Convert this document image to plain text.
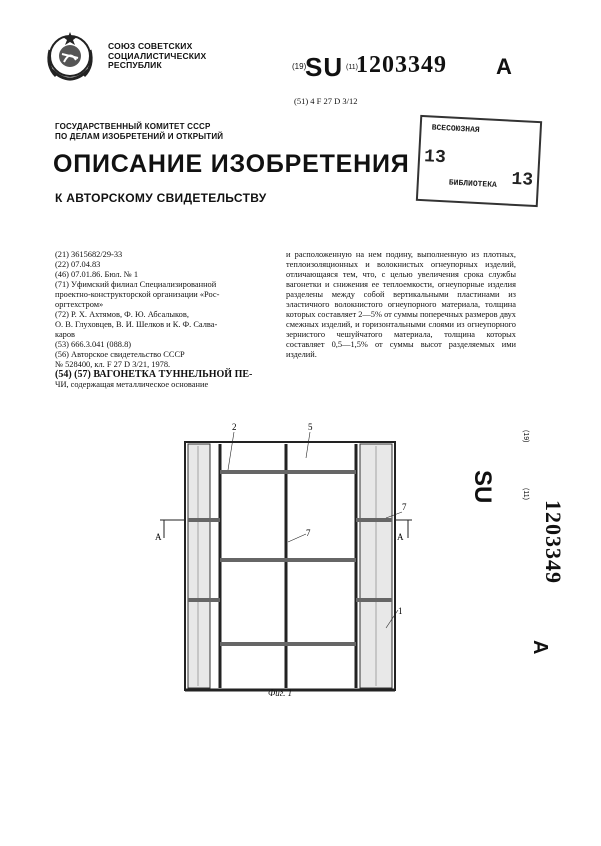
СОЮЗ СОВЕТСКИХ
СОЦИАЛИСТИЧЕСКИХ
РЕСПУБЛИК	(19)
SU (11)
1203349 A
(51) 4 F 27 D 3/12
ГОСУДАРСТВЕННЫЙ КОМИТЕТ СССР
ПО ДЕЛАМ ИЗОБРЕТЕНИЙ И ОТКРЫТИЙ
ОПИСАНИЕ ИЗОБРЕТЕНИЯ
К АВТОРСКОМУ СВИДЕТЕЛЬСТВУ
ВСЕСОЮЗНАЯ
13
13
БИБЛИОТЕКА
(21) 3615682/29-33
(22) 07.04.83
(46) 07.01.86. Бюл. № 1
(71) Уфимский филиал Специализированной
проектно-конструкторской организации «Рос-
оргтехстром»
(72) Р. Х. Ахтямов, Ф. Ю. Абсалыков,
О. В. Глуховцев, В. И. Шелков и К. Ф. Салва-
каров
(53) 666.3.041 (088.8)
(56) Авторское свидетельство СССР
№ 528400, кл. F 27 D 3/21, 1978.
(54) (57) ВАГОНЕТКА ТУННЕЛЬНОЙ ПЕ-
ЧИ, содержащая металлическое основание
и расположенную на нем подину, выполненную из плотных, теплоизоляционных и волокнистых огнеупорных изделий, отличающаяся тем, что, с целью увеличения срока службы вагонетки и снижения ее теплоемкости, огнеупорные изделия разделены между собой вертикальными пластинами из эластичного волокнистого огнеупорного материала, толщина которых составляет 2—5% от суммы поперечных размеров двух смежных изделий, и горизонтальными слоями из огнеупорного зернистого чешуйчатого материала, толщина которых составляет 0,5—1,5% от суммы высот разделяемых ими изделий.
(19)
SU	(11)
1203349
A
A	A
2	5
7
7
1
Фиг. 1
